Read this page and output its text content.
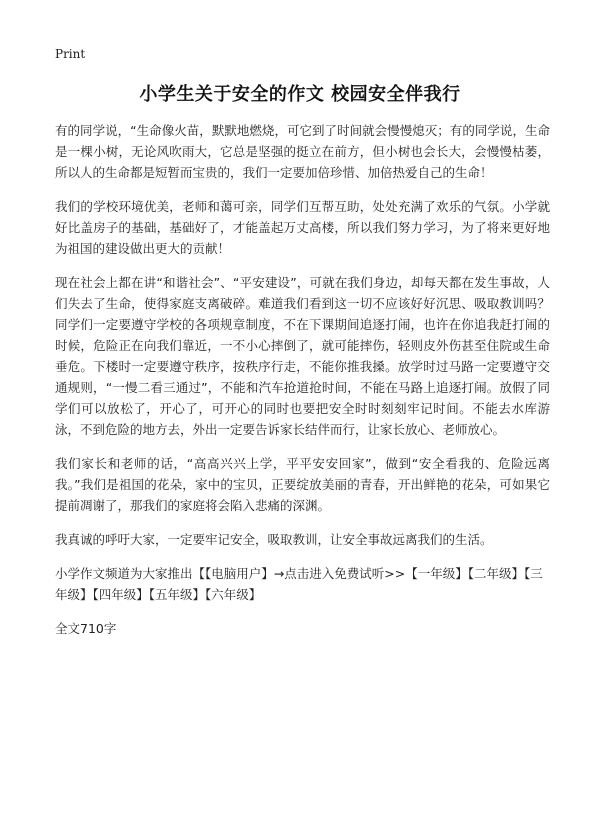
Print
小学生关于安全的作文 校园安全伴我行

有的同学说，“生命像火苗，默默地燃烧，可它到了时间就会慢慢熄灭；有的同学说，生命是一棵小树，无论风吹雨大，它总是坚强的挺立在前方，但小树也会长大，会慢慢枯萎，所以人的生命都是短暂而宝贵的，我们一定要加倍珍惜、加倍热爱自己的生命！

我们的学校环境优美，老师和蔼可亲，同学们互帮互助，处处充满了欢乐的气氛。小学就好比盖房子的基础，基础好了，才能盖起万丈高楼，所以我们努力学习，为了将来更好地为祖国的建设做出更大的贡献！

现在社会上都在讲“和谐社会”、“平安建设”，可就在我们身边，却每天都在发生事故，人们失去了生命，使得家庭支离破碎。难道我们看到这一切不应该好好沉思、吸取教训吗？同学们一定要遵守学校的各项规章制度，不在下课期间追逐打闹，也许在你追我赶打闹的时候，危险正在向我们靠近，一不小心摔倒了，就可能摔伤，轻则皮外伤甚至住院或生命垂危。下楼时一定要遵守秩序，按秩序行走，不能你推我搡。放学时过马路一定要遵守交通规则，“一慢二看三通过”，不能和汽车抢道抢时间，不能在马路上追逐打闹。放假了同学们可以放松了，开心了，可开心的同时也要把安全时时刻刻牢记时间。不能去水库游泳，不到危险的地方去，外出一定要告诉家长结伴而行，让家长放心、老师放心。

我们家长和老师的话，“高高兴兴上学，平平安安回家”，做到“安全看我的、危险远离我。”我们是祖国的花朵，家中的宝贝，正要绽放美丽的青春，开出鲜艳的花朵，可如果它提前凋谢了，那我们的家庭将会陷入悲痛的深渊。

我真诚的呼吁大家，一定要牢记安全，吸取教训，让安全事故远离我们的生活。

小学作文频道为大家推出【【电脑用户】→点击进入免费试听>>【一年级】【二年级】【三年级】【四年级】【五年级】【六年级】
全文710字
